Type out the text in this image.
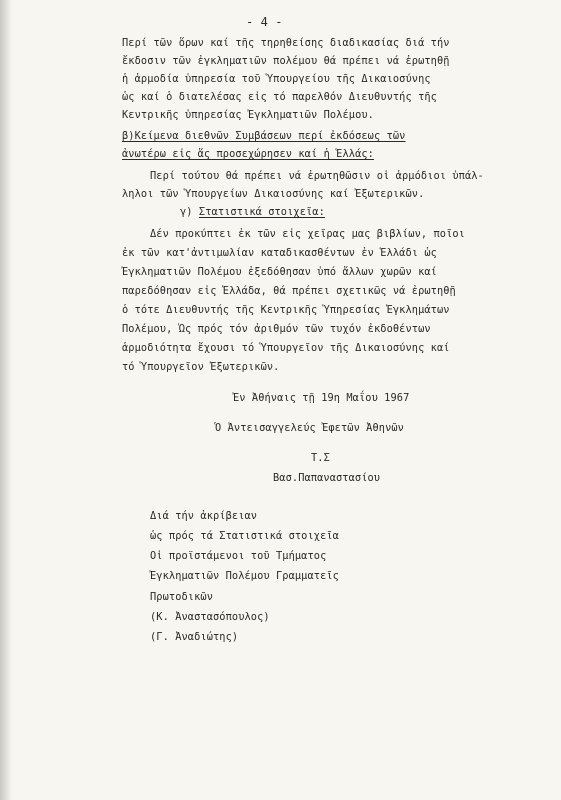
- 4 -
Περί τῶν ὅρων καί τῆς τηρηθείσης διαδικασίας διά τήν
ἔκδοσιν τῶν ἐγκληματιῶν πολέμου θά πρέπει νά ἐρωτηθῇ
ἡ ἁρμοδία ὑπηρεσία τοῦ Ὑπουργείου τῆς Δικαιοσύνης
ὡς καί ὁ διατελέσας εἰς τό παρελθόν Διευθυντής τῆς
Κεντρικῆς ὑπηρεσίας Ἐγκληματιῶν Πολέμου.
β)Κείμενα διεθνῶν Συμβάσεων περί ἐκδόσεως τῶν
ἀνωτέρω εἰς ἅς προσεχώρησεν καί ἡ Ἑλλάς:
Περί τούτου θά πρέπει νά ἐρωτηθῶσιν οἱ ἁρμόδιοι ὑπάλ-
ληλοι τῶν Ὑπουργείων Δικαιοσύνης καί Ἐξωτερικῶν.
γ) Στατιστικά στοιχεῖα:
Δέν προκύπτει ἐκ τῶν εἰς χεῖρας μας βιβλίων, ποῖοι
ἐκ τῶν κατ'ἀντιμωλίαν καταδικασθέντων ἐν Ἑλλάδι ὡς
Ἐγκληματιῶν Πολέμου ἐξεδόθησαν ὑπό ἄλλων χωρῶν καί
παρεδόθησαν εἰς Ἑλλάδα, θά πρέπει σχετικῶς νά ἐρωτηθῇ
ὁ τότε Διευθυντής τῆς Κεντρικῆς Ὑπηρεσίας Ἐγκλημάτων
Πολέμου, Ὡς πρός τόν ἀριθμόν τῶν τυχόν ἐκδοθέντων
ἁρμοδιότητα ἔχουσι τό Ὑπουργεῖον τῆς Δικαιοσύνης καί
τό Ὑπουργεῖον Ἐξωτερικῶν.
Ἐν Ἀθήναις τῇ 19η Μαΐου 1967
Ὁ Ἀντεισαγγελεύς Ἐφετῶν Ἀθηνῶν
Τ.Σ
Βασ.Παπαναστασίου
Διά τήν ἀκρίβειαν
ὡς πρός τά Στατιστικά στοιχεῖα
Οἱ προϊστάμενοι τοῦ Τμήματος
Ἐγκληματιῶν Πολέμου Γραμματεῖς
Πρωτοδικῶν
(Κ. Ἀναστασόπουλος)
(Γ. Ἀναδιώτης)
